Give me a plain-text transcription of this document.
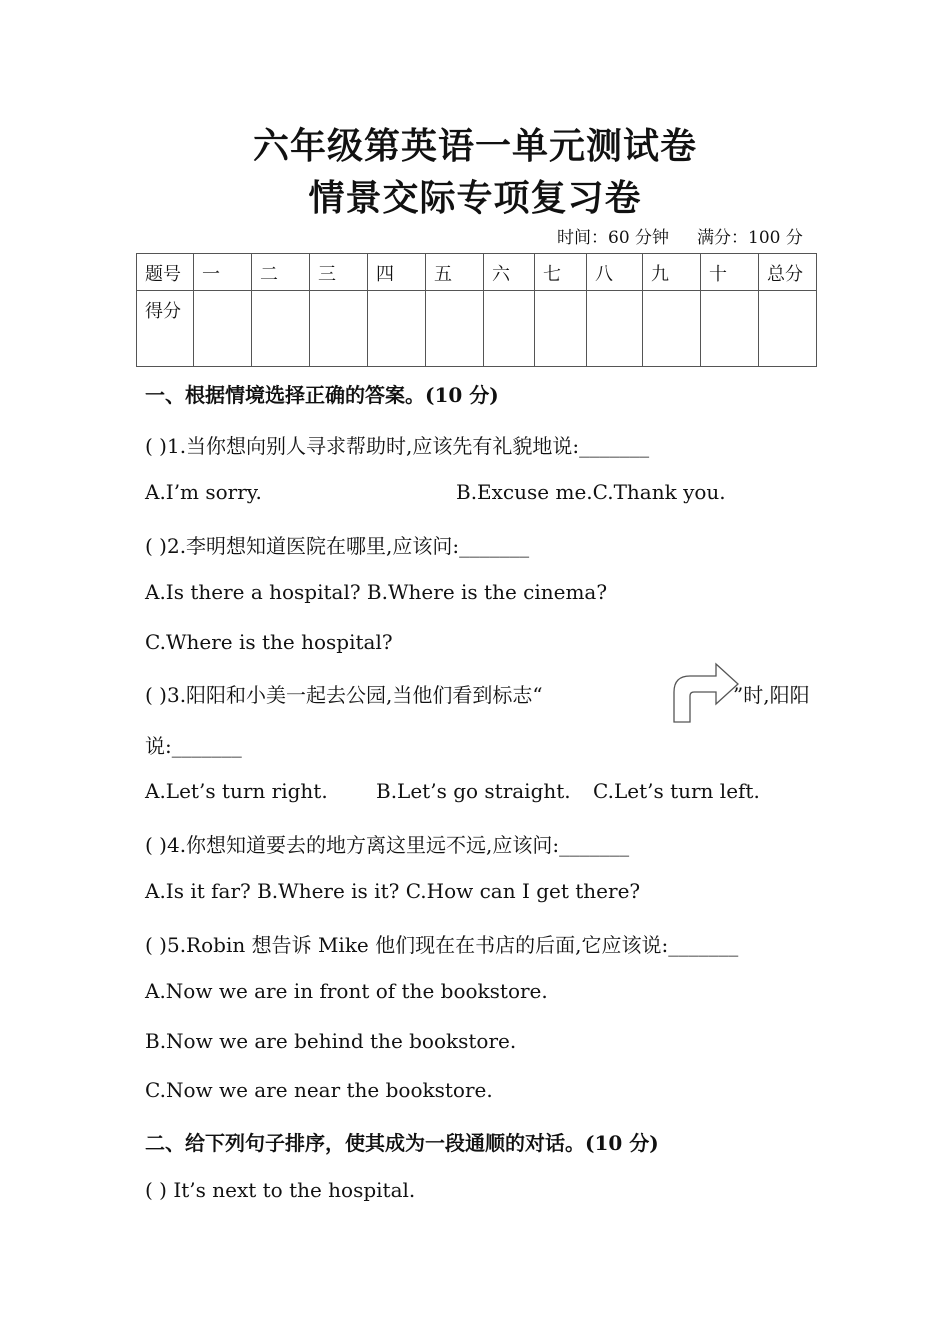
六年级第英语一单元测试卷
情景交际专项复习卷
时间：60 分钟 满分：100 分
题号	一	二	三	四	五	六	七	八	九	十	总分
得分											
一、根据情境选择正确的答案。(10 分)
( )1.当你想向别人寻求帮助时,应该先有礼貌地说:_______
A.I’m sorry.	B.Excuse me.C.Thank you.
( )2.李明想知道医院在哪里,应该问:_______
A.Is there a hospital? B.Where is the cinema?
C.Where is the hospital?
( )3.阳阳和小美一起去公园,当他们看到标志“	”时,阳阳
说:_______
A.Let’s turn right. B.Let’s go straight. C.Let’s turn left.
( )4.你想知道要去的地方离这里远不远,应该问:_______
A.Is it far? B.Where is it? C.How can I get there?
( )5.Robin 想告诉 Mike 他们现在在书店的后面,它应该说:_______
A.Now we are in front of the bookstore.
B.Now we are behind the bookstore.
C.Now we are near the bookstore.
二、给下列句子排序，使其成为一段通顺的对话。(10 分)
( ) It’s next to the hospital.
